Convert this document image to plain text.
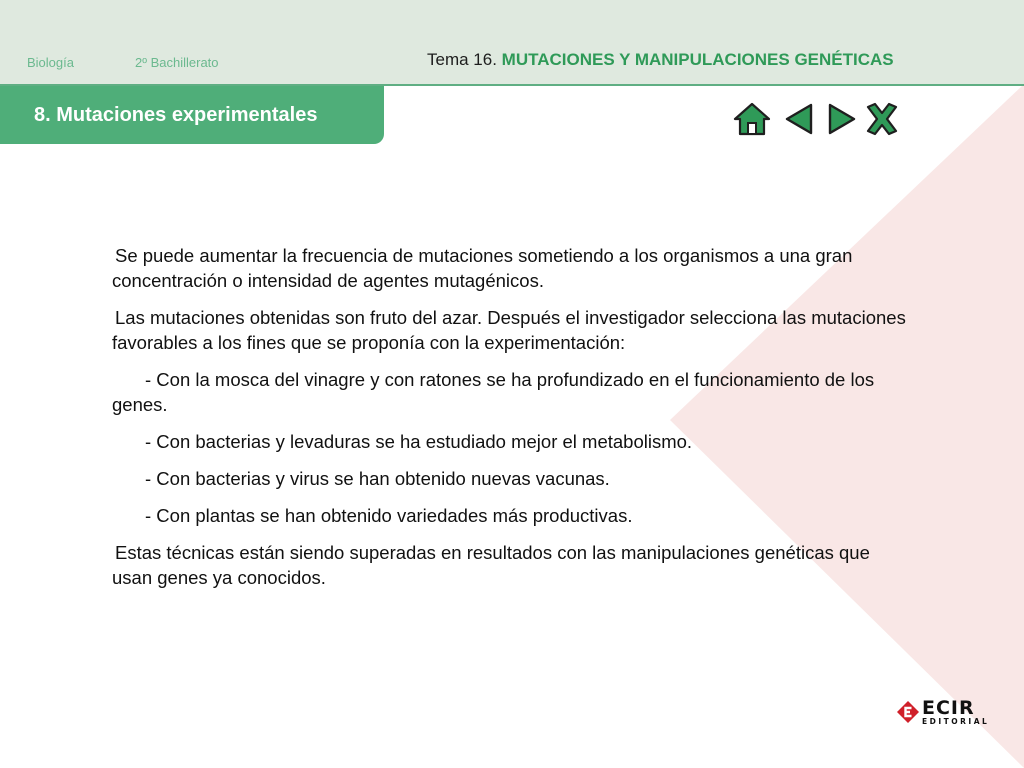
Biología	2º Bachillerato	Tema 16. MUTACIONES Y MANIPULACIONES GENÉTICAS
8. Mutaciones experimentales

Se puede aumentar la frecuencia de mutaciones sometiendo a los organismos a una gran concentración o intensidad de agentes mutagénicos.

Las mutaciones obtenidas son fruto del azar. Después el investigador selecciona las mutaciones favorables a los fines que se proponía con la experimentación:

- Con la mosca del vinagre y con ratones se ha profundizado en el funcionamiento de los genes.

- Con bacterias y levaduras se ha estudiado mejor el metabolismo.

- Con bacterias y virus se han obtenido nuevas vacunas.

- Con plantas se han obtenido variedades más productivas.

Estas técnicas están siendo superadas en resultados con las manipulaciones genéticas que usan genes ya conocidos.

ECIR
EDITORIAL
